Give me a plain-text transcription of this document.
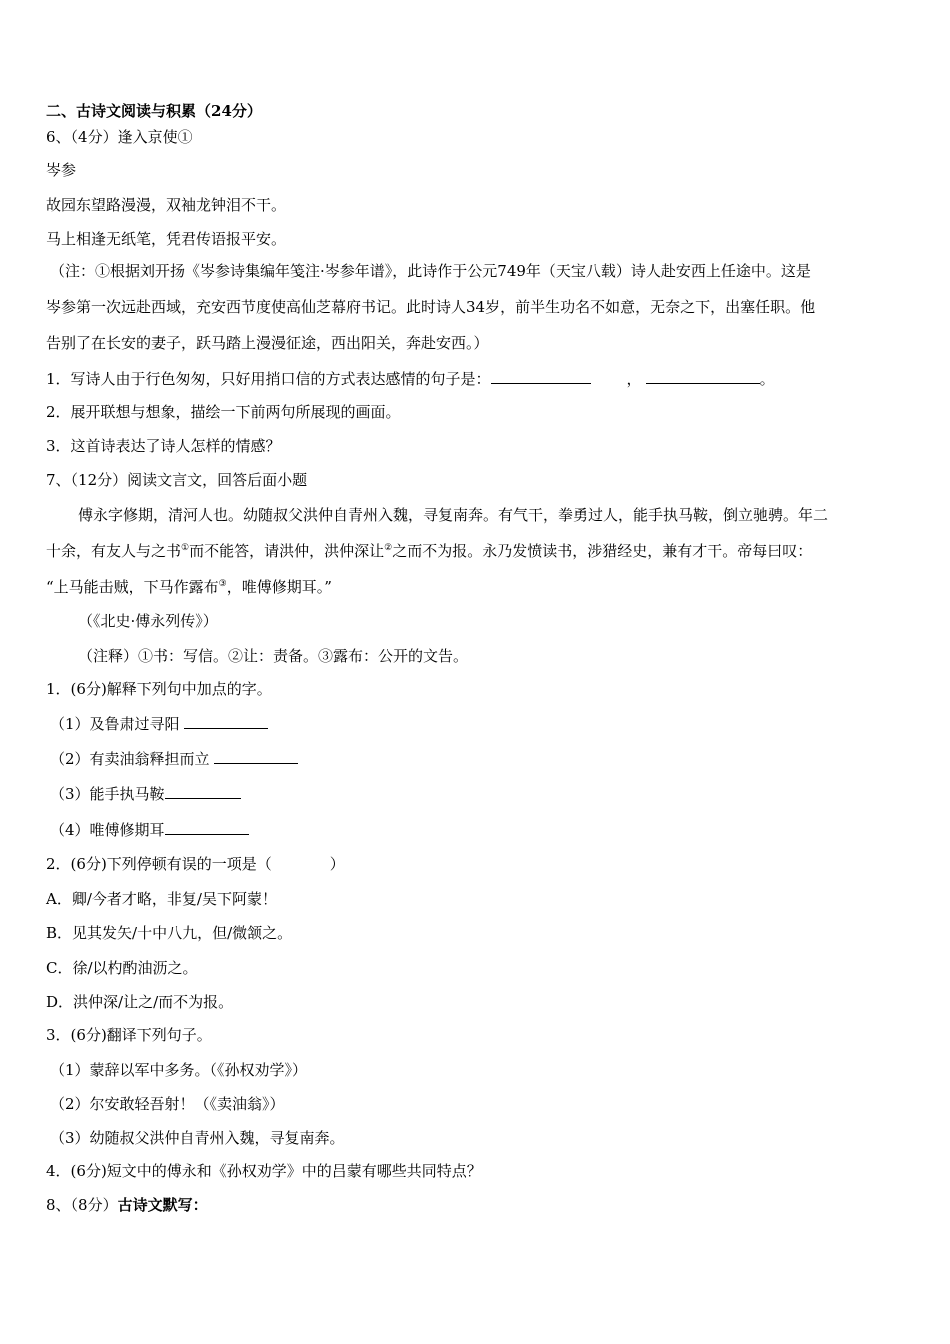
二、古诗文阅读与积累（24分）
6、（4分）逢入京使➀
岑参
故园东望路漫漫，双袖龙钟泪不干。
马上相逢无纸笔，凭君传语报平安。
（注：➀根据刘开扬《岑参诗集编年笺注·岑参年谱》，此诗作于公元749年（天宝八载）诗人赴安西上任途中。这是
岑参第一次远赴西域，充安西节度使高仙芝幕府书记。此时诗人34岁，前半生功名不如意，无奈之下，出塞任职。他
告别了在长安的妻子，跃马踏上漫漫征途，西出阳关，奔赴安西。）
1．写诗人由于行色匆匆，只好用捎口信的方式表达感情的句子是：	，	。
2．展开联想与想象，描绘一下前两句所展现的画面。
3．这首诗表达了诗人怎样的情感？
7、（12分）阅读文言文，回答后面小题
傅永字修期，清河人也。幼随叔父洪仲自青州入魏，寻复南奔。有气干，拳勇过人，能手执马鞍，倒立驰骋。年二
十余，有友人与之书①而不能答，请洪仲，洪仲深让②之而不为报。永乃发愤读书，涉猎经史，兼有才干。帝每曰叹：
“上马能击贼，下马作露布③，唯傅修期耳。”
（《北史·傅永列传》）
（注释）①书：写信。②让：责备。③露布：公开的文告。
1．(6分)解释下列句中加点的字。
（1）及鲁肃过寻阳
（2）有卖油翁释担而立
（3）能手执马鞍
（4）唯傅修期耳
2．(6分)下列停顿有误的一项是（	）
A．卿/今者才略，非复/吴下阿蒙！
B．见其发矢/十中八九，但/微颔之。
C．徐/以杓酌油沥之。
D．洪仲深/让之/而不为报。
3．(6分)翻译下列句子。
（1）蒙辞以军中多务。（《孙权劝学》）
（2）尔安敢轻吾射！（《卖油翁》）
（3）幼随叔父洪仲自青州入魏，寻复南奔。
4．(6分)短文中的傅永和《孙权劝学》中的吕蒙有哪些共同特点？
8、（8分）古诗文默写：
